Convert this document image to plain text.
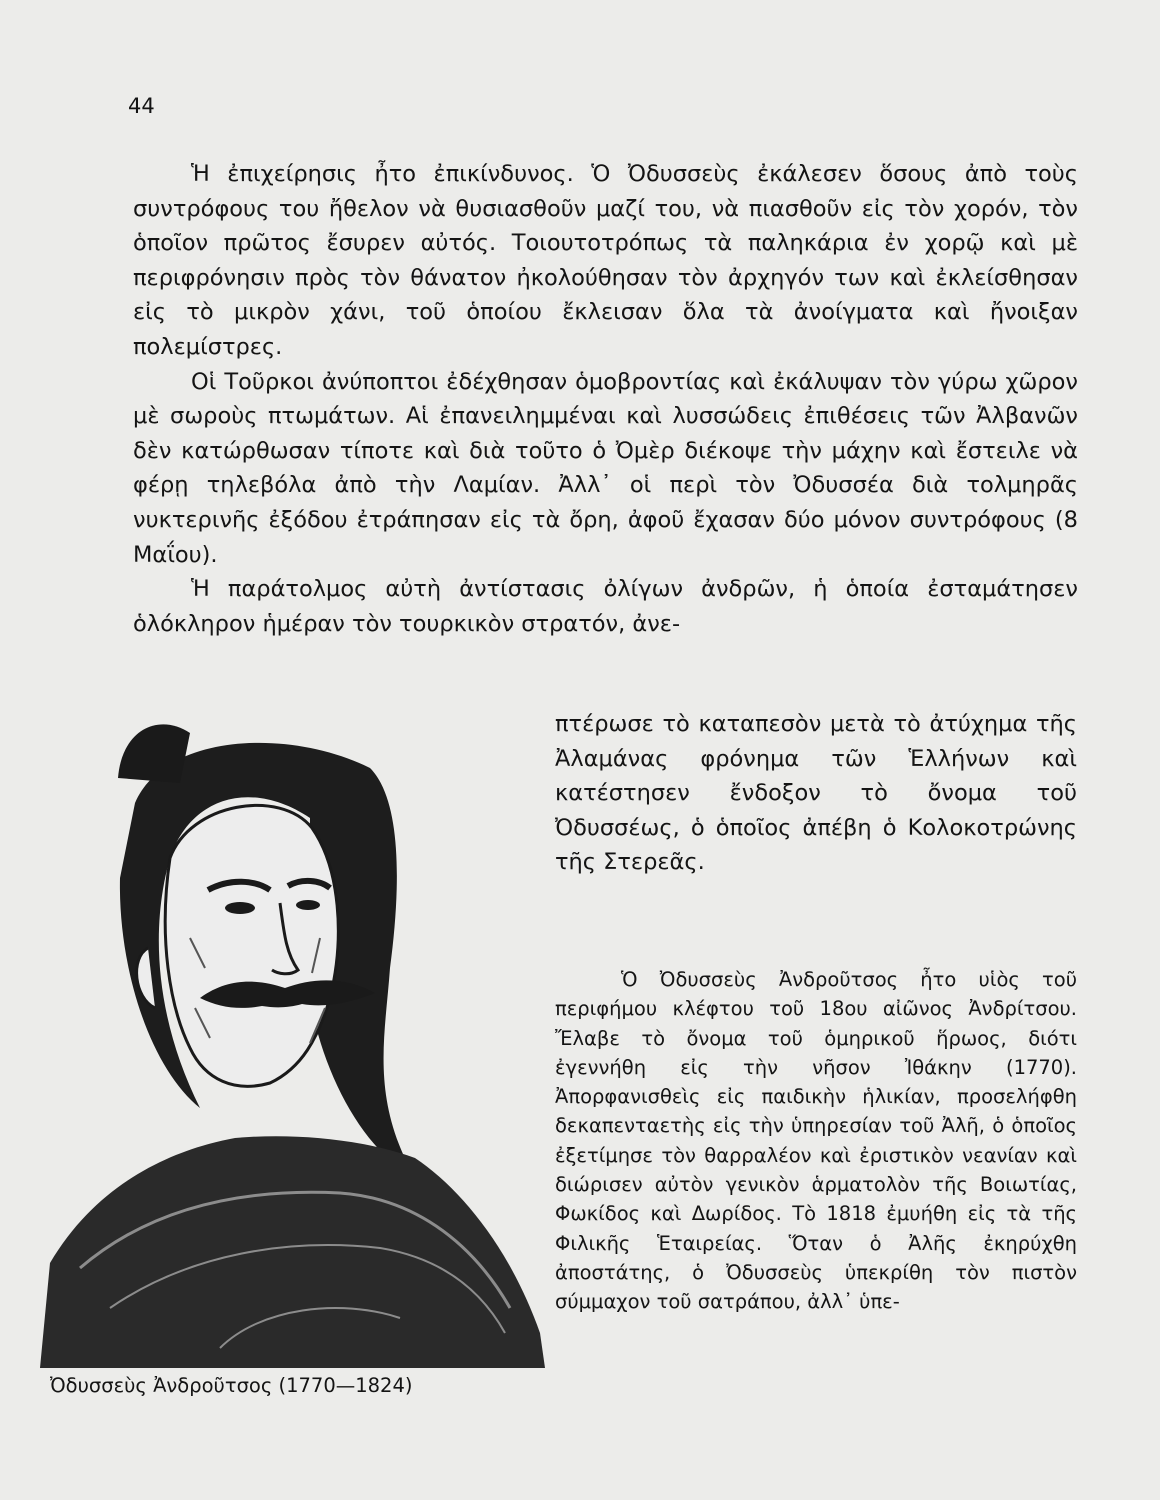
44

Ἡ ἐπιχείρησις ἦτο ἐπικίνδυνος. Ὁ Ὀδυσσεὺς ἐκάλεσεν ὅσους ἀπὸ τοὺς συντρόφους του ἤθελον νὰ θυσιασθοῦν μαζί του, νὰ πιασθοῦν εἰς τὸν χορόν, τὸν ὁποῖον πρῶτος ἔσυρεν αὐτός. Τοιουτοτρόπως τὰ παληκάρια ἐν χορῷ καὶ μὲ περιφρόνησιν πρὸς τὸν θάνατον ἠκολούθησαν τὸν ἀρχηγόν των καὶ ἐκλείσθησαν εἰς τὸ μικρὸν χάνι, τοῦ ὁποίου ἔκλεισαν ὅλα τὰ ἀνοίγματα καὶ ἤνοιξαν πολεμίστρες.

Οἱ Τοῦρκοι ἀνύποπτοι ἐδέχθησαν ὁμοβροντίας καὶ ἐκάλυψαν τὸν γύρω χῶρον μὲ σωροὺς πτωμάτων. Αἱ ἐπανειλημμέναι καὶ λυσσώδεις ἐπιθέσεις τῶν Ἀλβανῶν δὲν κατώρθωσαν τίποτε καὶ διὰ τοῦτο ὁ Ὀμὲρ διέκοψε τὴν μάχην καὶ ἔστειλε νὰ φέρῃ τηλεβόλα ἀπὸ τὴν Λαμίαν. Ἀλλ᾿ οἱ περὶ τὸν Ὀδυσσέα διὰ τολμηρᾶς νυκτερινῆς ἐξόδου ἐτράπησαν εἰς τὰ ὄρη, ἀφοῦ ἔχασαν δύο μόνον συντρόφους (8 Μαΐου).

Ἡ παράτολμος αὐτὴ ἀντίστασις ὀλίγων ἀνδρῶν, ἡ ὁποία ἐσταμάτησεν ὁλόκληρον ἡμέραν τὸν τουρκικὸν στρατόν, ἀνε-

πτέρωσε τὸ καταπεσὸν μετὰ τὸ ἀτύχημα τῆς Ἀλαμάνας φρόνημα τῶν Ἑλλήνων καὶ κατέστησεν ἔνδοξον τὸ ὄνομα τοῦ Ὀδυσσέως, ὁ ὁποῖος ἀπέβη ὁ Κολοκοτρώνης τῆς Στερεᾶς.

Ὁ Ὀδυσσεὺς Ἀνδροῦτσος ἦτο υἱὸς τοῦ περιφήμου κλέφτου τοῦ 18ου αἰῶνος Ἀνδρίτσου. Ἔλαβε τὸ ὄνομα τοῦ ὁμηρικοῦ ἥρωος, διότι ἐγεννήθη εἰς τὴν νῆσον Ἰθάκην (1770). Ἀπορφανισθεὶς εἰς παιδικὴν ἡλικίαν, προσελήφθη δεκαπενταετὴς εἰς τὴν ὑπηρεσίαν τοῦ Ἀλῆ, ὁ ὁποῖος ἐξετίμησε τὸν θαρραλέον καὶ ἐριστικὸν νεανίαν καὶ διώρισεν αὐτὸν γενικὸν ἁρματολὸν τῆς Βοιωτίας, Φωκίδος καὶ Δωρίδος. Τὸ 1818 ἐμυήθη εἰς τὰ τῆς Φιλικῆς Ἑταιρείας. Ὅταν ὁ Ἀλῆς ἐκηρύχθη ἀποστάτης, ὁ Ὀδυσσεὺς ὑπεκρίθη τὸν πιστὸν σύμμαχον τοῦ σατράπου, ἀλλ᾿ ὑπε-

Ὀδυσσεὺς Ἀνδροῦτσος (1770—1824)
